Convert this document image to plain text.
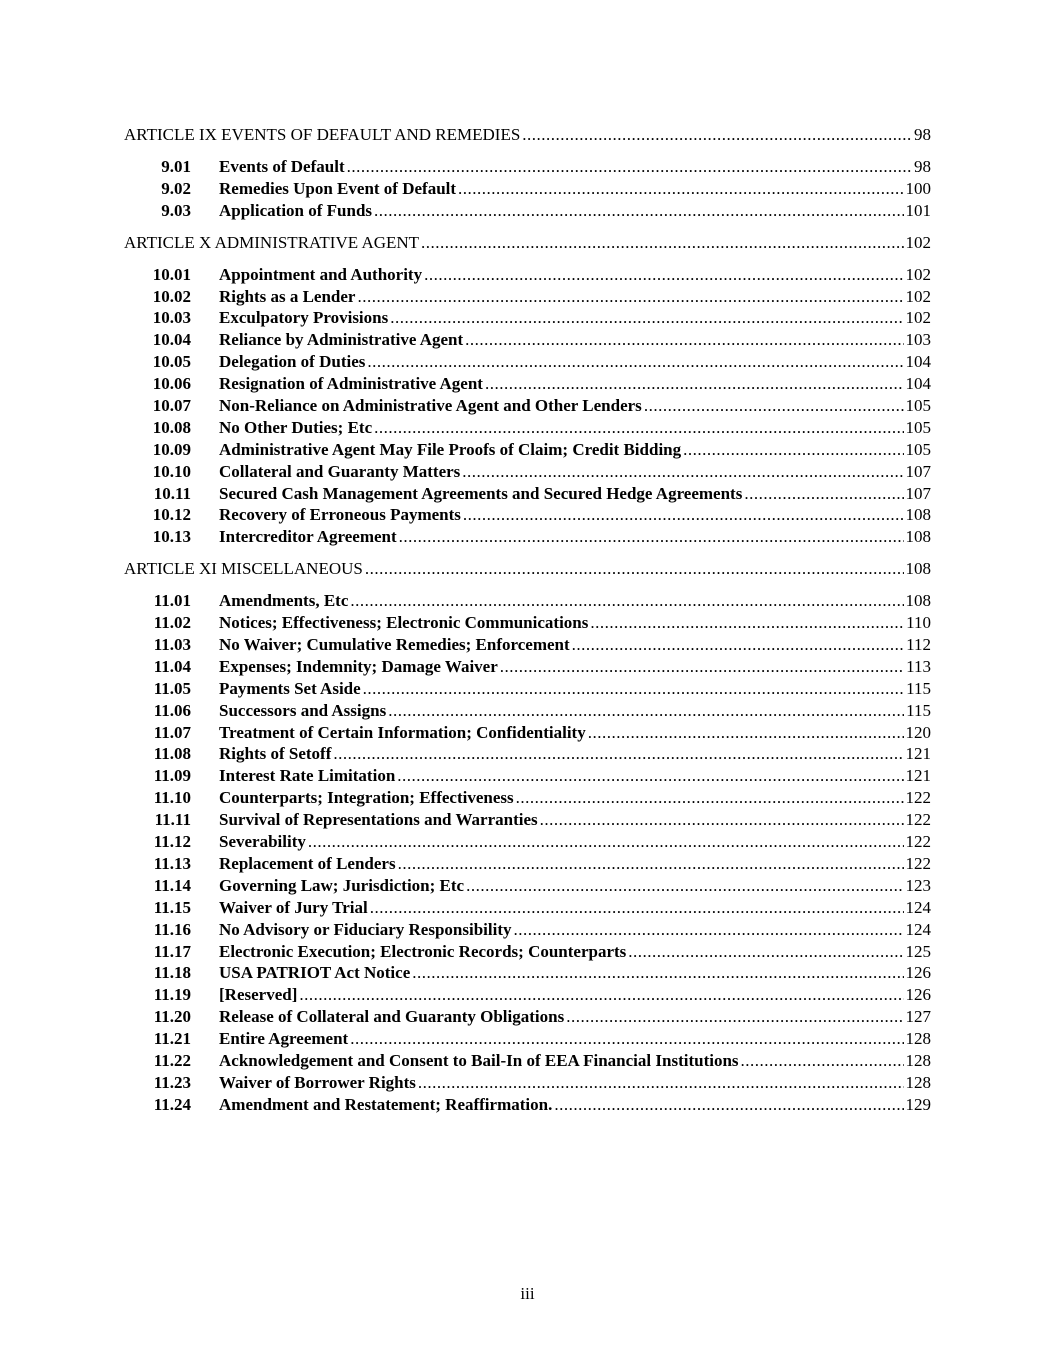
ARTICLE IX EVENTS OF DEFAULT AND REMEDIES .....	98
9.01	Events of Default .....	98
9.02	Remedies Upon Event of Default .....	100
9.03	Application of Funds .....	101
ARTICLE X ADMINISTRATIVE AGENT .....	102
10.01	Appointment and Authority .....	102
10.02	Rights as a Lender .....	102
10.03	Exculpatory Provisions .....	102
10.04	Reliance by Administrative Agent .....	103
10.05	Delegation of Duties .....	104
10.06	Resignation of Administrative Agent .....	104
10.07	Non-Reliance on Administrative Agent and Other Lenders .....	105
10.08	No Other Duties; Etc .....	105
10.09	Administrative Agent May File Proofs of Claim; Credit Bidding .....	105
10.10	Collateral and Guaranty Matters .....	107
10.11	Secured Cash Management Agreements and Secured Hedge Agreements .....	107
10.12	Recovery of Erroneous Payments .....	108
10.13	Intercreditor Agreement .....	108
ARTICLE XI MISCELLANEOUS .....	108
11.01	Amendments, Etc .....	108
11.02	Notices; Effectiveness; Electronic Communications .....	110
11.03	No Waiver; Cumulative Remedies; Enforcement .....	112
11.04	Expenses; Indemnity; Damage Waiver .....	113
11.05	Payments Set Aside .....	115
11.06	Successors and Assigns .....	115
11.07	Treatment of Certain Information; Confidentiality .....	120
11.08	Rights of Setoff .....	121
11.09	Interest Rate Limitation .....	121
11.10	Counterparts; Integration; Effectiveness .....	122
11.11	Survival of Representations and Warranties .....	122
11.12	Severability .....	122
11.13	Replacement of Lenders .....	122
11.14	Governing Law; Jurisdiction; Etc .....	123
11.15	Waiver of Jury Trial .....	124
11.16	No Advisory or Fiduciary Responsibility .....	124
11.17	Electronic Execution; Electronic Records; Counterparts .....	125
11.18	USA PATRIOT Act Notice .....	126
11.19	[Reserved] .....	126
11.20	Release of Collateral and Guaranty Obligations .....	127
11.21	Entire Agreement .....	128
11.22	Acknowledgement and Consent to Bail-In of EEA Financial Institutions .....	128
11.23	Waiver of Borrower Rights .....	128
11.24	Amendment and Restatement; Reaffirmation. .....	129
iii
